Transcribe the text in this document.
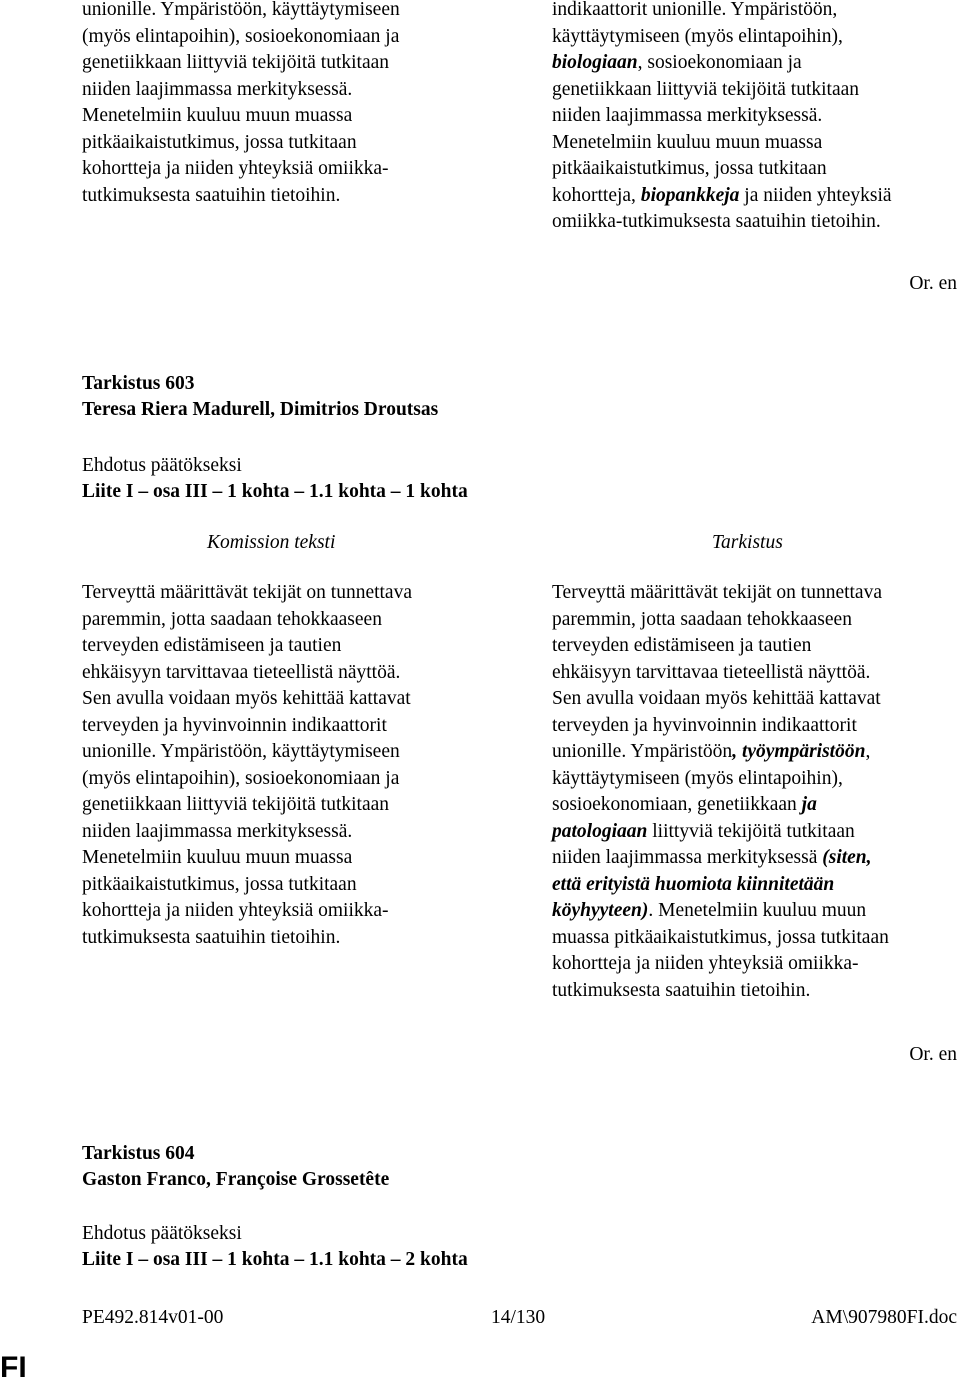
unionille. Ympäristöön, käyttäytymiseen

(myös elintapoihin), sosioekonomiaan ja

genetiikkaan liittyviä tekijöitä tutkitaan

niiden laajimmassa merkityksessä.

Menetelmiin kuuluu muun muassa

pitkäaikaistutkimus, jossa tutkitaan

kohortteja ja niiden yhteyksiä omiikka-

tutkimuksesta saatuihin tietoihin.

indikaattorit unionille. Ympäristöön,

käyttäytymiseen (myös elintapoihin),

biologiaan, sosioekonomiaan ja

genetiikkaan liittyviä tekijöitä tutkitaan

niiden laajimmassa merkityksessä.

Menetelmiin kuuluu muun muassa

pitkäaikaistutkimus, jossa tutkitaan

kohortteja, biopankkeja ja niiden yhteyksiä

omiikka-tutkimuksesta saatuihin tietoihin.

Or. en
Tarkistus 603
Teresa Riera Madurell, Dimitrios Droutsas
Ehdotus päätökseksi
Liite I – osa III – 1 kohta – 1.1 kohta – 1 kohta
Komission teksti	Tarkistus

Terveyttä määrittävät tekijät on tunnettava

paremmin, jotta saadaan tehokkaaseen

terveyden edistämiseen ja tautien

ehkäisyyn tarvittavaa tieteellistä näyttöä.

Sen avulla voidaan myös kehittää kattavat

terveyden ja hyvinvoinnin indikaattorit

unionille. Ympäristöön, käyttäytymiseen

(myös elintapoihin), sosioekonomiaan ja

genetiikkaan liittyviä tekijöitä tutkitaan

niiden laajimmassa merkityksessä.

Menetelmiin kuuluu muun muassa

pitkäaikaistutkimus, jossa tutkitaan

kohortteja ja niiden yhteyksiä omiikka-

tutkimuksesta saatuihin tietoihin.

Terveyttä määrittävät tekijät on tunnettava

paremmin, jotta saadaan tehokkaaseen

terveyden edistämiseen ja tautien

ehkäisyyn tarvittavaa tieteellistä näyttöä.

Sen avulla voidaan myös kehittää kattavat

terveyden ja hyvinvoinnin indikaattorit

unionille. Ympäristöön, työympäristöön,

käyttäytymiseen (myös elintapoihin),

sosioekonomiaan, genetiikkaan ja

patologiaan liittyviä tekijöitä tutkitaan

niiden laajimmassa merkityksessä (siten,

että erityistä huomiota kiinnitetään

köyhyyteen). Menetelmiin kuuluu muun

muassa pitkäaikaistutkimus, jossa tutkitaan

kohortteja ja niiden yhteyksiä omiikka-

tutkimuksesta saatuihin tietoihin.

Or. en
Tarkistus 604
Gaston Franco, Françoise Grossetête
Ehdotus päätökseksi
Liite I – osa III – 1 kohta – 1.1 kohta – 2 kohta
PE492.814v01-00	14/130	AM\907980FI.doc
FI
